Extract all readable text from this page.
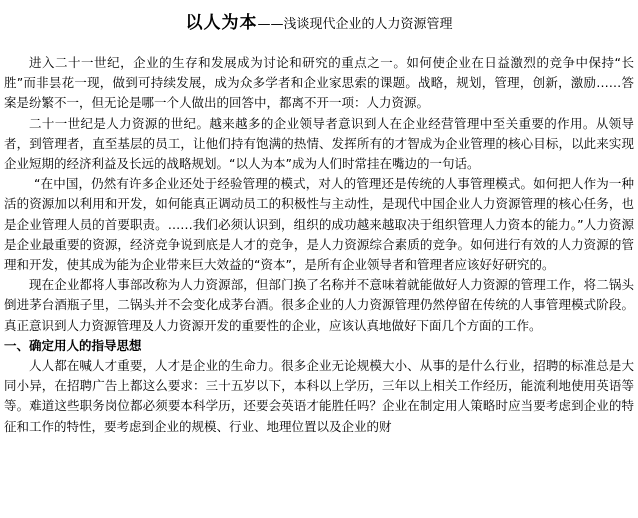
以人为本——浅谈现代企业的人力资源管理

进入二十一世纪，企业的生存和发展成为讨论和研究的重点之一。如何使企业在日益激烈的竞争中保持“长胜”而非昙花一现，做到可持续发展，成为众多学者和企业家思索的课题。战略，规划，管理，创新，激励……答案是纷繁不一，但无论是哪一个人做出的回答中，都离不开一项：人力资源。

二十一世纪是人力资源的世纪。越来越多的企业领导者意识到人在企业经营管理中至关重要的作用。从领导者，到管理者，直至基层的员工，让他们持有饱满的热情、发挥所有的才智成为企业管理的核心目标，以此来实现企业短期的经济利益及长远的战略规划。“以人为本”成为人们时常挂在嘴边的一句话。

“在中国，仍然有许多企业还处于经验管理的模式，对人的管理还是传统的人事管理模式。如何把人作为一种活的资源加以利用和开发，如何能真正调动员工的积极性与主动性，是现代中国企业人力资源管理的核心任务，也是企业管理人员的首要职责。……我们必须认识到，组织的成功越来越取决于组织管理人力资本的能力。”人力资源是企业最重要的资源，经济竞争说到底是人才的竞争，是人力资源综合素质的竞争。如何进行有效的人力资源的管理和开发，使其成为能为企业带来巨大效益的“资本”，是所有企业领导者和管理者应该好好研究的。

现在企业都将人事部改称为人力资源部，但部门换了名称并不意味着就能做好人力资源的管理工作，将二锅头倒进茅台酒瓶子里，二锅头并不会变化成茅台酒。很多企业的人力资源管理仍然停留在传统的人事管理模式阶段。真正意识到人力资源管理及人力资源开发的重要性的企业，应该认真地做好下面几个方面的工作。

一、确定用人的指导思想

人人都在喊人才重要，人才是企业的生命力。很多企业无论规模大小、从事的是什么行业，招聘的标准总是大同小异，在招聘广告上都这么要求：三十五岁以下，本科以上学历，三年以上相关工作经历，能流利地使用英语等等。难道这些职务岗位都必须要本科学历，还要会英语才能胜任吗？企业在制定用人策略时应当要考虑到企业的特征和工作的特性，要考虑到企业的规模、行业、地理位置以及企业的财
